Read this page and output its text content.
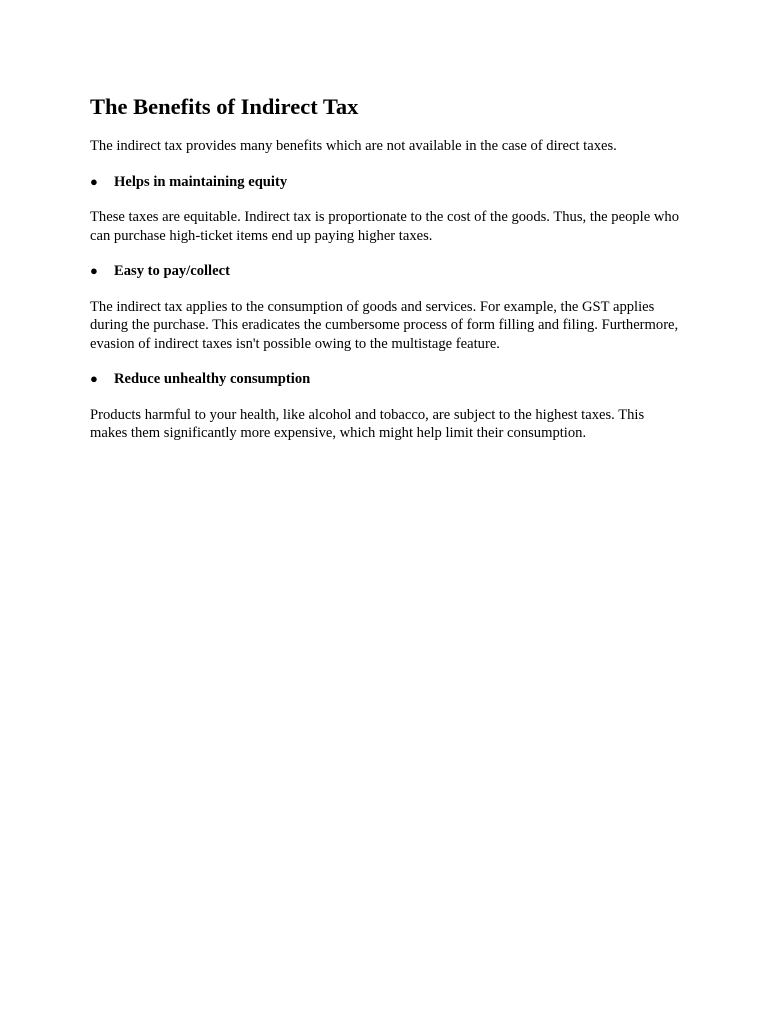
The Benefits of Indirect Tax

The indirect tax provides many benefits which are not available in the case of direct taxes.

●	Helps in maintaining equity

These taxes are equitable. Indirect tax is proportionate to the cost of the goods. Thus, the people who can purchase high-ticket items end up paying higher taxes.

●	Easy to pay/collect

The indirect tax applies to the consumption of goods and services. For example, the GST applies during the purchase. This eradicates the cumbersome process of form filling and filing. Furthermore, evasion of indirect taxes isn't possible owing to the multistage feature.

●	Reduce unhealthy consumption

Products harmful to your health, like alcohol and tobacco, are subject to the highest taxes. This makes them significantly more expensive, which might help limit their consumption.
